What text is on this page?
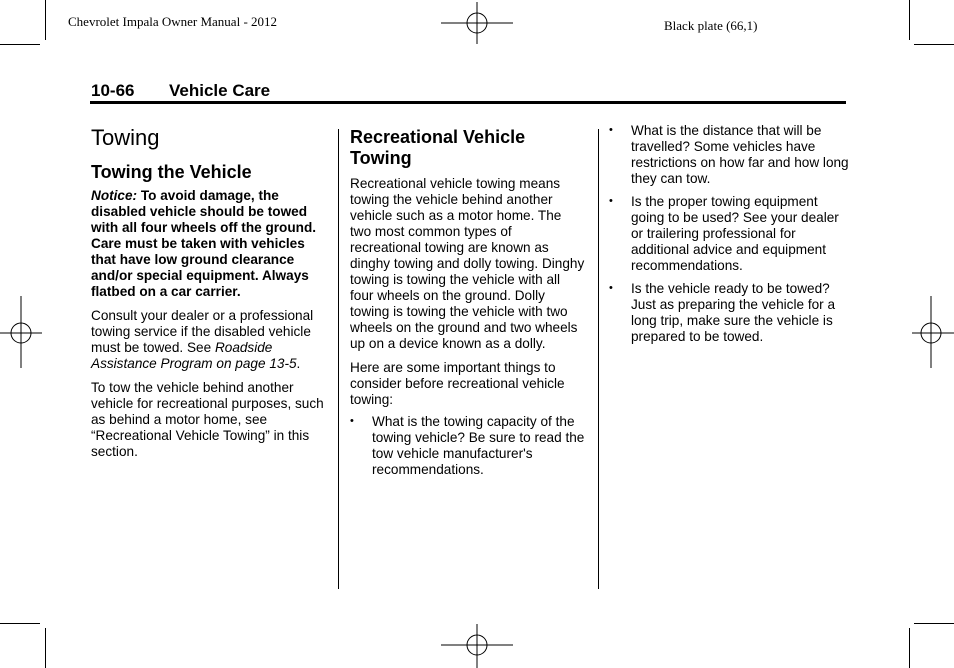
Chevrolet Impala Owner Manual - 2012	Black plate (66,1)
10-66 Vehicle Care
Towing
Towing the Vehicle

Notice: To avoid damage, the disabled vehicle should be towed with all four wheels off the ground. Care must be taken with vehicles that have low ground clearance and/or special equipment. Always flatbed on a car carrier.

Consult your dealer or a professional towing service if the disabled vehicle must be towed. See Roadside Assistance Program on page 13-5.

To tow the vehicle behind another vehicle for recreational purposes, such as behind a motor home, see “Recreational Vehicle Towing” in this section.

Recreational Vehicle Towing

Recreational vehicle towing means towing the vehicle behind another vehicle such as a motor home. The two most common types of recreational towing are known as dinghy towing and dolly towing. Dinghy towing is towing the vehicle with all four wheels on the ground. Dolly towing is towing the vehicle with two wheels on the ground and two wheels up on a device known as a dolly.

Here are some important things to consider before recreational vehicle towing:

• What is the towing capacity of the towing vehicle? Be sure to read the tow vehicle manufacturer's recommendations.
• What is the distance that will be travelled? Some vehicles have restrictions on how far and how long they can tow.
• Is the proper towing equipment going to be used? See your dealer or trailering professional for additional advice and equipment recommendations.
• Is the vehicle ready to be towed? Just as preparing the vehicle for a long trip, make sure the vehicle is prepared to be towed.
